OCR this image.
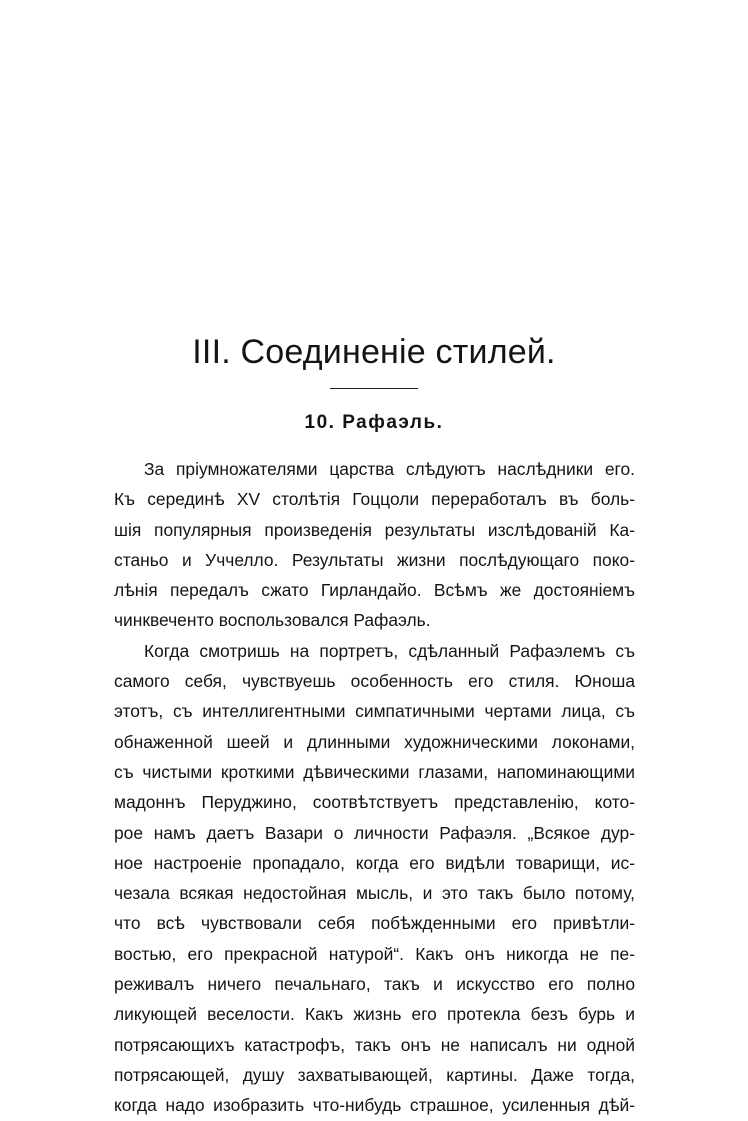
III. Соединеніе стилей.
10. Рафаэль.
За пріумножателями царства слѣдуютъ наслѣдники его.
Къ серединѣ XV столѣтія Гоццоли переработалъ въ боль-
шія популярныя произведенія результаты изслѣдованій Ка-
станьо и Уччелло. Результаты жизни послѣдующаго поко-
лѣнія передалъ сжато Гирландайо. Всѣмъ же достояніемъ
чинквеченто воспользовался Рафаэль.
Когда смотришь на портретъ, сдѣланный Рафаэлемъ съ
самого себя, чувствуешь особенность его стиля. Юноша
этотъ, съ интеллигентными симпатичными чертами лица, съ
обнаженной шеей и длинными художническими локонами,
съ чистыми кроткими дѣвическими глазами, напоминающими
мадоннъ Перуджино, соотвѣтствуетъ представленію, кото-
рое намъ даетъ Вазари о личности Рафаэля. „Всякое дур-
ное настроеніе пропадало, когда его видѣли товарищи, ис-
чезала всякая недостойная мысль, и это такъ было потому,
что всѣ чувствовали себя побѣжденными его привѣтли-
востью, его прекрасной натурой“. Какъ онъ никогда не пе-
реживалъ ничего печальнаго, такъ и искусство его полно
ликующей веселости. Какъ жизнь его протекла безъ бурь и
потрясающихъ катастрофъ, такъ онъ не написалъ ни одной
потрясающей, душу захватывающей, картины. Даже тогда,
когда надо изобразить что-нибудь страшное, усиленныя дѣй-
